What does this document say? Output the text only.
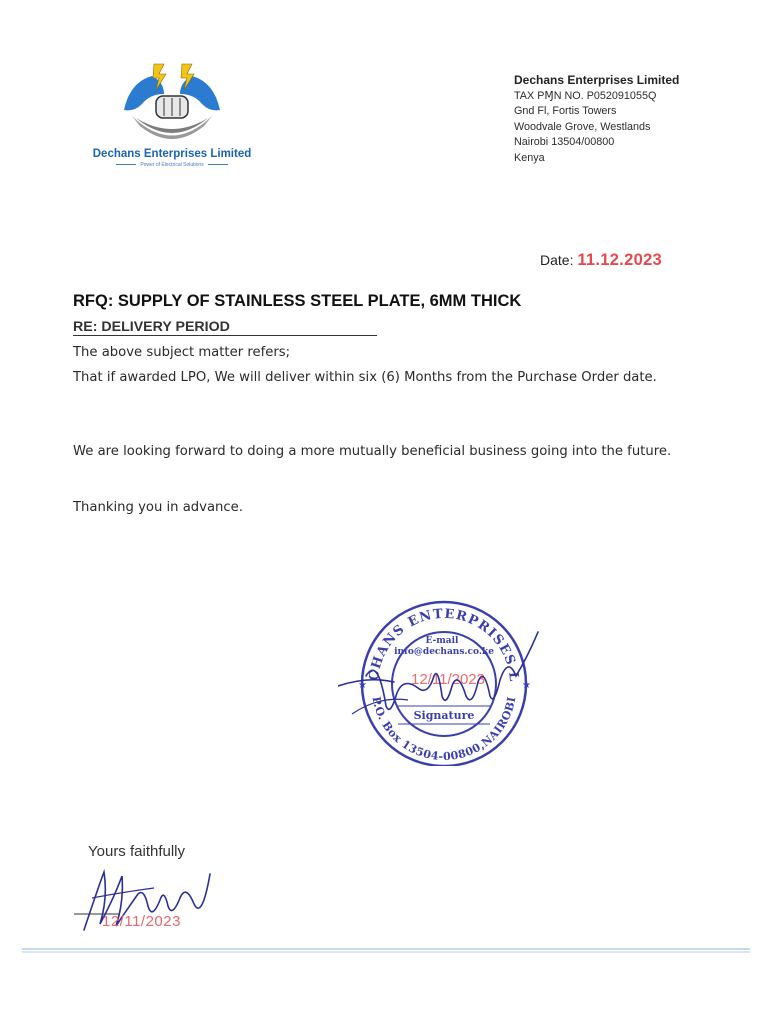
Dechans Enterprises Limited
Power of Electrical Solutions
Dechans Enterprises Limited
TAX PⱮN NO. P052091055Q
Gnd Fl, Fortis Towers
Woodvale Grove, Westlands
Nairobi 13504/00800
Kenya
Date: 11.12.2023
RFQ: SUPPLY OF STAINLESS STEEL PLATE, 6MM THICK
RE: DELIVERY PERIOD
The above subject matter refers;
That if awarded LPO, We will deliver within six (6) Months from the Purchase Order date.
We are looking forward to doing a more mutually beneficial business going into the future.
Thanking you in advance.
CHANS ENTERPRISES L
P.O. Box 13504-00800,NAIROBI
★	★
E-mail
info@dechans.co.ke
Signature
12/11/2023
Yours faithfully
12/11/2023
